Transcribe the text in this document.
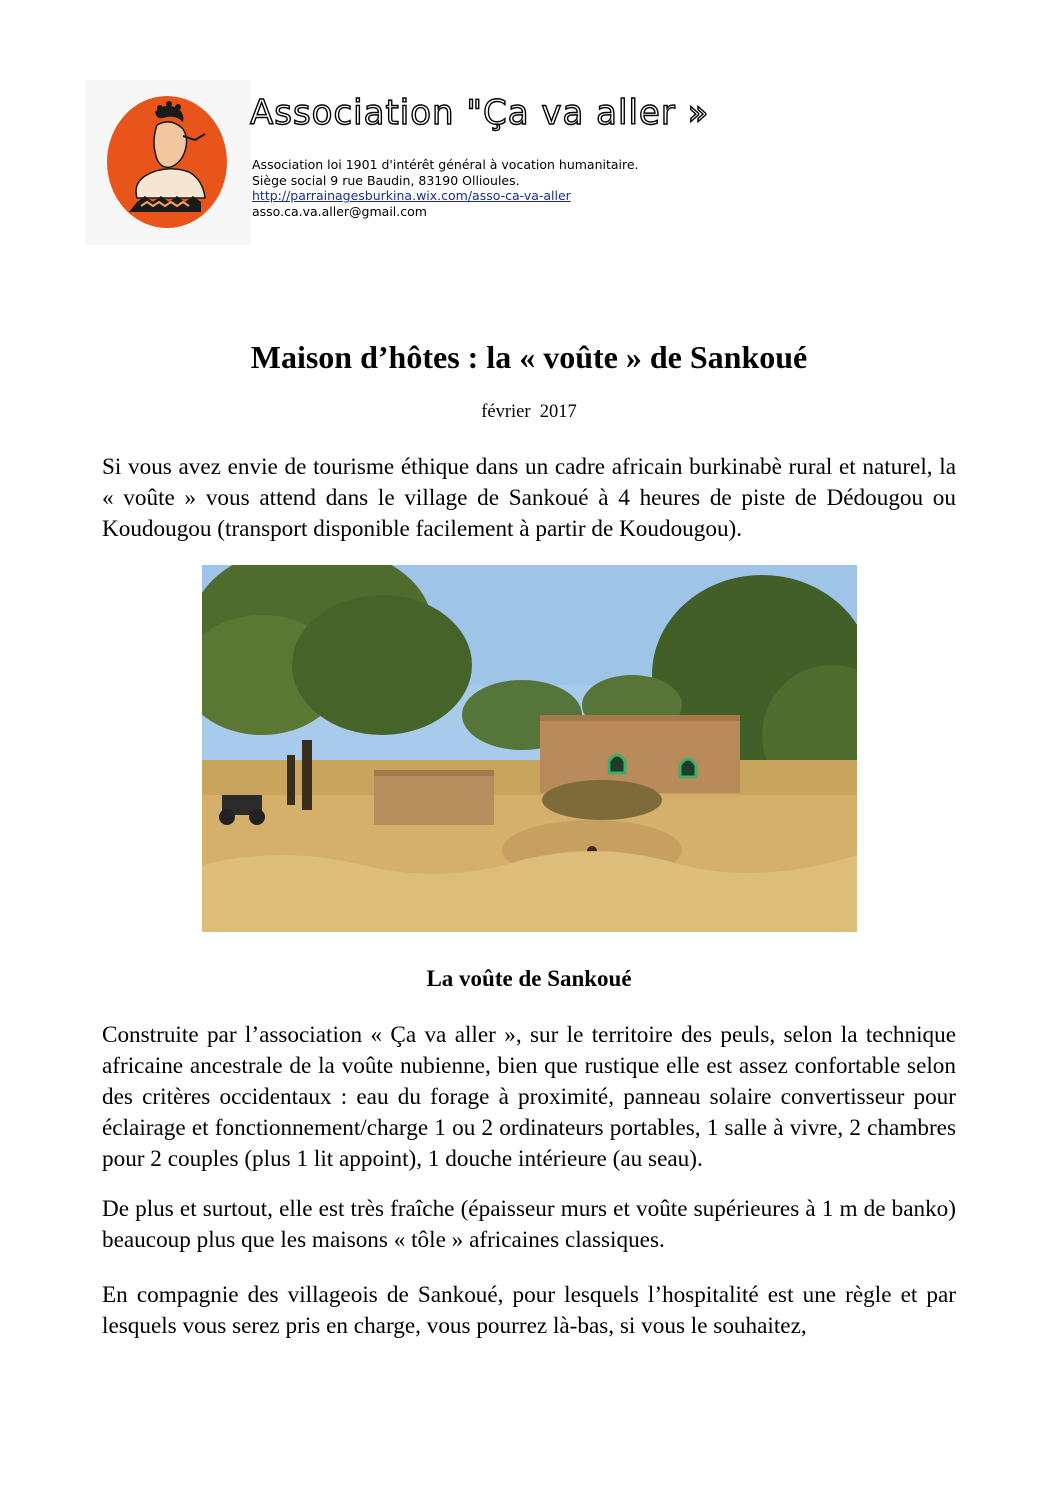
Association "Ça va aller »
Association loi 1901 d'intérêt général à vocation humanitaire.
Siège social 9 rue Baudin, 83190 Ollioules.
http://parrainagesburkina.wix.com/asso-ca-va-aller
asso.ca.va.aller@gmail.com
Maison d’hôtes : la « voûte » de Sankoué
février  2017

Si vous avez envie de tourisme éthique dans un cadre africain burkinabè rural et naturel, la « voûte » vous attend dans le village de Sankoué à 4 heures de piste de Dédougou ou Koudougou (transport disponible facilement à partir de Koudougou).

La voûte de Sankoué

Construite par l’association « Ça va aller », sur le territoire des peuls, selon la technique africaine ancestrale de la voûte nubienne, bien que rustique elle est assez confortable selon des critères occidentaux : eau du forage à proximité, panneau solaire convertisseur pour éclairage et fonctionnement/charge 1 ou 2 ordinateurs portables, 1 salle à vivre, 2 chambres pour 2 couples (plus 1 lit appoint), 1 douche intérieure (au seau).

De plus et surtout, elle est très fraîche (épaisseur murs et voûte supérieures à 1 m de banko) beaucoup plus que les maisons « tôle » africaines classiques.

En compagnie des villageois de Sankoué, pour lesquels l’hospitalité est une règle et par lesquels vous serez pris en charge, vous pourrez là-bas, si vous le souhaitez,
